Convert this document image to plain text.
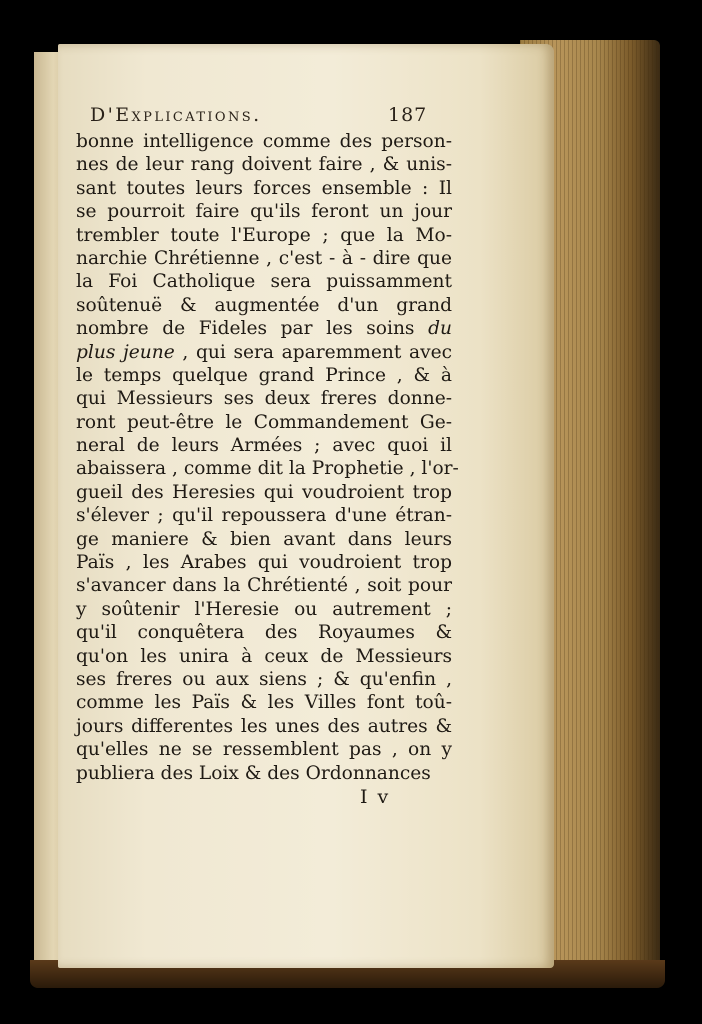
D'Explications.	187
bonne intelligence comme des person-
nes de leur rang doivent faire , & unis-
sant toutes leurs forces ensemble : Il
se pourroit faire qu'ils feront un jour
trembler toute l'Europe ; que la Mo-
narchie Chrétienne , c'est - à - dire que
la Foi Catholique sera puissamment
soûtenuë & augmentée d'un grand
nombre de Fideles par les soins du
plus jeune , qui sera aparemment avec
le temps quelque grand Prince , & à
qui Messieurs ses deux freres donne-
ront peut-être le Commandement Ge-
neral de leurs Armées ; avec quoi il
abaissera , comme dit la Prophetie , l'or-
gueil des Heresies qui voudroient trop
s'élever ; qu'il repoussera d'une étran-
ge maniere & bien avant dans leurs
Païs , les Arabes qui voudroient trop
s'avancer dans la Chrétienté , soit pour
y soûtenir l'Heresie ou autrement ;
qu'il conquêtera des Royaumes &
qu'on les unira à ceux de Messieurs
ses freres ou aux siens ; & qu'enfin ,
comme les Païs & les Villes font toû-
jours differentes les unes des autres &
qu'elles ne se ressemblent pas , on y
publiera des Loix & des Ordonnances
I v
